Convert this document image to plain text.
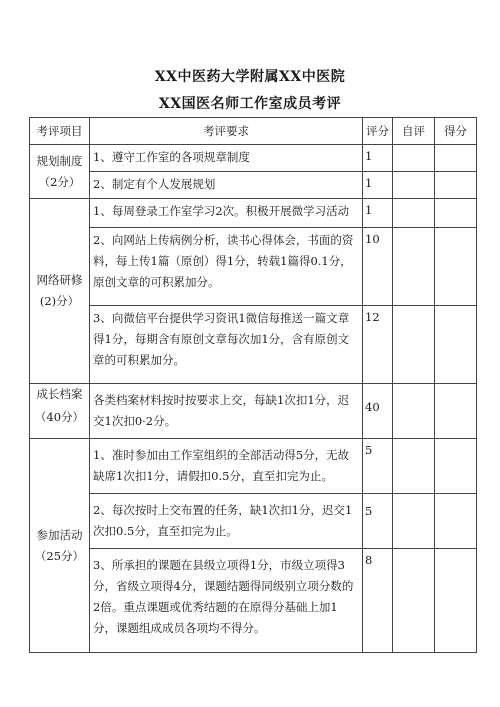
XX中医药大学附属XX中医院
XX国医名师工作室成员考评
考评项目	考评要求	评分	自评	得分

规划制度
（2分）	1、遵守工作室的各项规章制度	1		
	2、制定有个人发展规划	1		

网络研修
(2)分）	1、每周登录工作室学习2次。积极开展微学习活动	1		
	2、向网站上传病例分析，读书心得体会，书面的资料，每上传1篇（原创）得1分，转载1篇得0.1分，原创文章的可积累加分。	10		
	3、向微信平台提供学习资讯1微信每推送一篇文章得1分，每期含有原创文章每次加1分，含有原创文章的可积累加分。	12		

成长档案
（40分）	各类档案材料按时按要求上交，每缺1次扣1分，迟交1次扣0·2分。	40		

参加活动
（25分）	1、准时参加由工作室组织的全部活动得5分，无故缺席1次扣1分，请假扣0.5分，直至扣完为止。	5		
	2、每次按时上交布置的任务，缺1次扣1分，迟交1次扣0.5分，直至扣完为止。	5		
	3、所承担的课题在县级立项得1分，市级立项得3分，省级立项得4分，课题结题得同级别立项分数的2倍。重点课题或优秀结题的在原得分基础上加1分，课题组成成员各项均不得分。	8		
